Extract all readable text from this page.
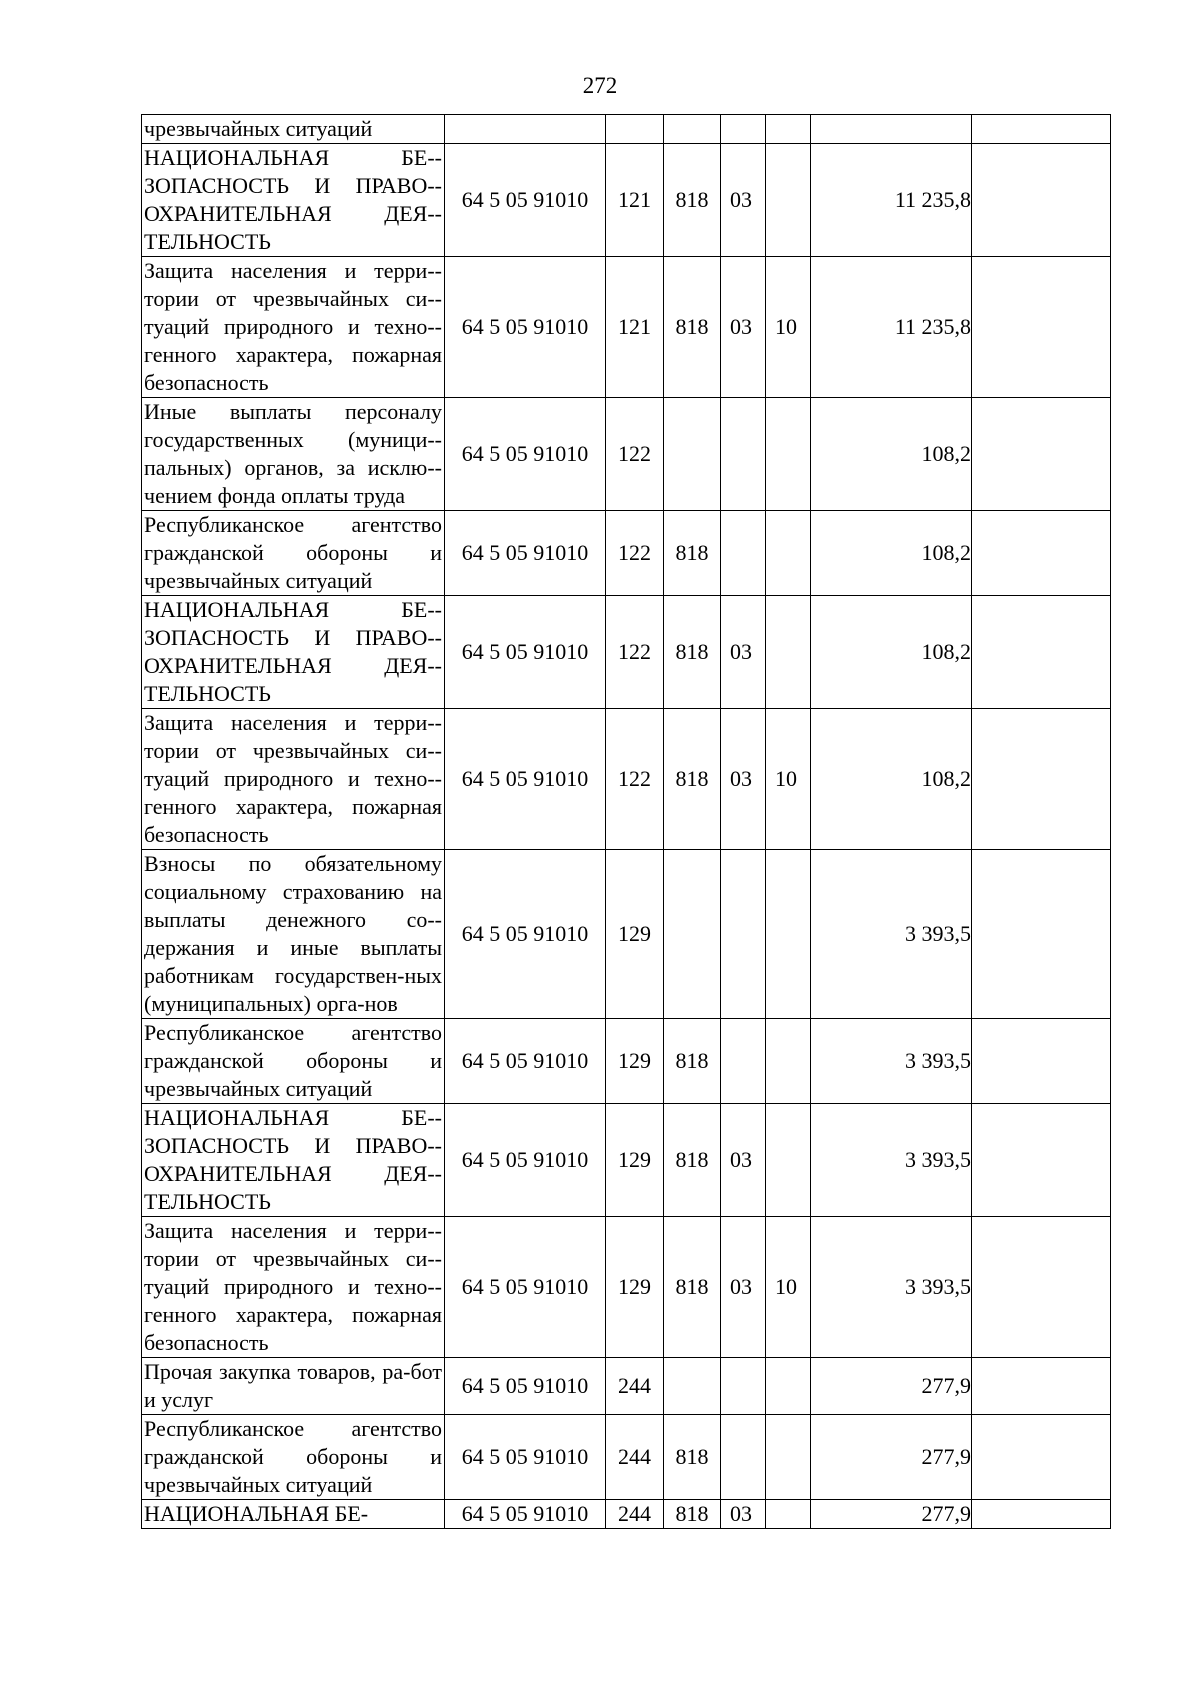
272
чрезвычайных ситуаций							
НАЦИОНАЛЬНАЯ БЕ-ЗОПАСНОСТЬ И ПРАВО-ОХРАНИТЕЛЬНАЯ ДЕЯ-ТЕЛЬНОСТЬ	64 5 05 91010	121	818	03		11 235,8	
Защита населения и терри-тории от чрезвычайных си-туаций природного и техно-генного характера, пожарная безопасность	64 5 05 91010	121	818	03	10	11 235,8	
Иные выплаты персоналу государственных (муници-пальных) органов, за исклю-чением фонда оплаты труда	64 5 05 91010	122				108,2	
Республиканское агентство гражданской обороны и чрезвычайных ситуаций	64 5 05 91010	122	818			108,2	
НАЦИОНАЛЬНАЯ БЕ-ЗОПАСНОСТЬ И ПРАВО-ОХРАНИТЕЛЬНАЯ ДЕЯ-ТЕЛЬНОСТЬ	64 5 05 91010	122	818	03		108,2	
Защита населения и терри-тории от чрезвычайных си-туаций природного и техно-генного характера, пожарная безопасность	64 5 05 91010	122	818	03	10	108,2	
Взносы по обязательному социальному страхованию на выплаты денежного со-держания и иные выплаты работникам государствен-ных (муниципальных) орга-нов	64 5 05 91010	129				3 393,5	
Республиканское агентство гражданской обороны и чрезвычайных ситуаций	64 5 05 91010	129	818			3 393,5	
НАЦИОНАЛЬНАЯ БЕ-ЗОПАСНОСТЬ И ПРАВО-ОХРАНИТЕЛЬНАЯ ДЕЯ-ТЕЛЬНОСТЬ	64 5 05 91010	129	818	03		3 393,5	
Защита населения и терри-тории от чрезвычайных си-туаций природного и техно-генного характера, пожарная безопасность	64 5 05 91010	129	818	03	10	3 393,5	
Прочая закупка товаров, ра-бот и услуг	64 5 05 91010	244				277,9	
Республиканское агентство гражданской обороны и чрезвычайных ситуаций	64 5 05 91010	244	818			277,9	
НАЦИОНАЛЬНАЯ БЕ-	64 5 05 91010	244	818	03		277,9	
